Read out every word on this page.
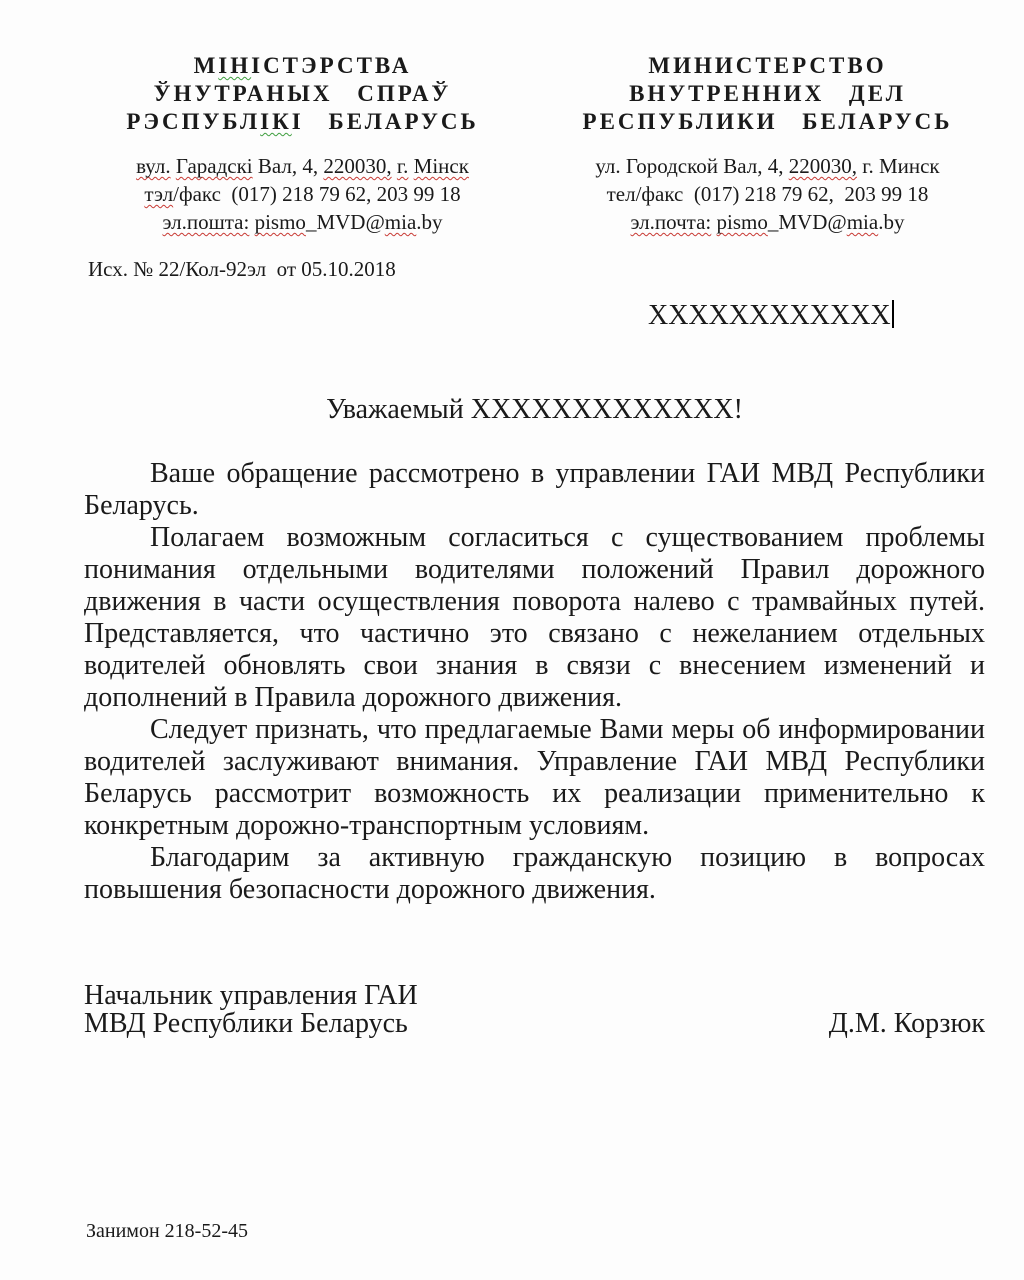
МІНІСТЭРСТВА
ЎНУТРАНЫХ СПРАЎ
РЭСПУБЛІКІ БЕЛАРУСЬ
вул. Гарадскі Вал, 4, 220030, г. Мінск
тэл/факс  (017) 218 79 62, 203 99 18
эл.пошта: pismo_MVD@mia.by
МИНИСТЕРСТВО
ВНУТРЕННИХ ДЕЛ
РЕСПУБЛИКИ БЕЛАРУСЬ
ул. Городской Вал, 4, 220030, г. Минск
тел/факс  (017) 218 79 62,  203 99 18
эл.почта: pismo_MVD@mia.by
Исх. № 22/Кол-92эл  от 05.10.2018
XXXXXXXXXXXX
Уважаемый XXXXXXXXXXXXX!

Ваше обращение рассмотрено в управлении ГАИ МВД Республики Беларусь.

Полагаем возможным согласиться с существованием проблемы понимания отдельными водителями положений Правил дорожного движения в части осуществления поворота налево с трамвайных путей. Представляется, что частично это связано с нежеланием отдельных водителей обновлять свои знания в связи с внесением изменений и дополнений в Правила дорожного движения.

Следует признать, что предлагаемые Вами меры об информировании водителей заслуживают внимания. Управление ГАИ МВД Республики Беларусь рассмотрит возможность их реализации применительно к конкретным дорожно-транспортным условиям.

Благодарим за активную гражданскую позицию в вопросах повышения безопасности дорожного движения.

Начальник управления ГАИ
МВД Республики Беларусь	Д.М. Корзюк
Занимон 218-52-45
